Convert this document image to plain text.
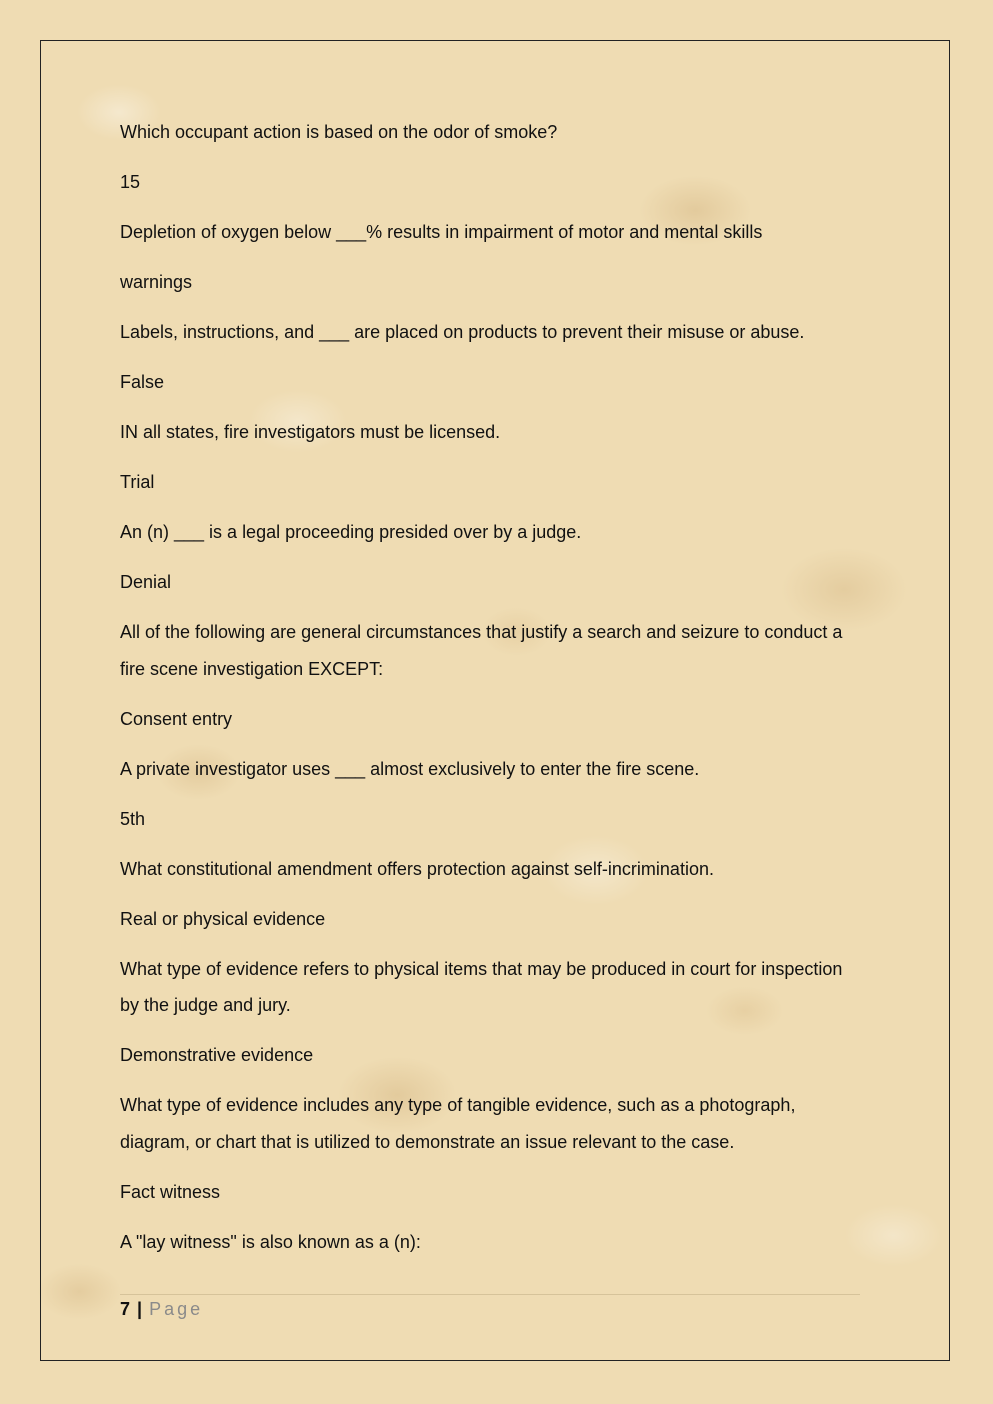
Which occupant action is based on the odor of smoke?

15

Depletion of oxygen below ___% results in impairment of motor and mental skills

warnings

Labels, instructions, and ___ are placed on products to prevent their misuse or abuse.

False

IN all states, fire investigators must be licensed.

Trial

An (n) ___ is a legal proceeding presided over by a judge.

Denial

All of the following are general circumstances that justify a search and seizure to conduct a fire scene investigation EXCEPT:

Consent entry

A private investigator uses ___ almost exclusively to enter the fire scene.

5th

What constitutional amendment offers protection against self-incrimination.

Real or physical evidence

What type of evidence refers to physical items that may be produced in court for inspection by the judge and jury.

Demonstrative evidence

What type of evidence includes any type of tangible evidence, such as a photograph, diagram, or chart that is utilized to demonstrate an issue relevant to the case.

Fact witness

A "lay witness" is also known as a (n):

7 | Page
